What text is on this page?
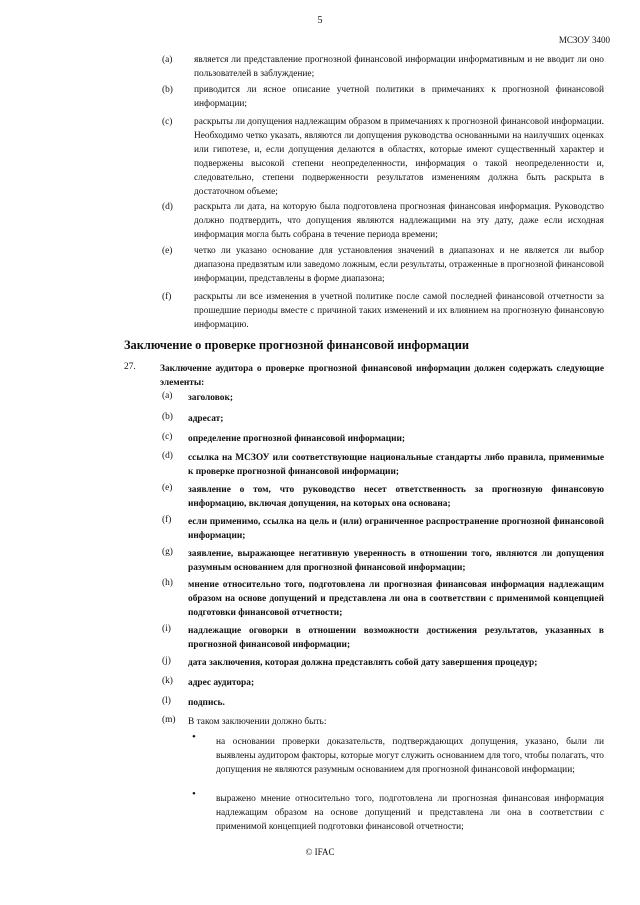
5
МСЗОУ 3400
(a)	является ли представление прогнозной финансовой информации информативным и не вводит ли оно пользователей в заблуждение;
(b)	приводится ли ясное описание учетной политики в примечаниях к прогнозной финансовой информации;
(c)	раскрыты ли допущения надлежащим образом в примечаниях к прогнозной финансовой информации. Необходимо четко указать, являются ли допущения руководства основанными на наилучших оценках или гипотезе, и, если допущения делаются в областях, которые имеют существенный характер и подвержены высокой степени неопределенности, информация о такой неопределенности и, следовательно, степени подверженности результатов изменениям должна быть раскрыта в достаточном объеме;
(d)	раскрыта ли дата, на которую была подготовлена прогнозная финансовая информация. Руководство должно подтвердить, что допущения являются надлежащими на эту дату, даже если исходная информация могла быть собрана в течение периода времени;
(e)	четко ли указано основание для установления значений в диапазонах и не является ли выбор диапазона предвзятым или заведомо ложным, если результаты, отраженные в прогнозной финансовой информации, представлены в форме диапазона;
(f)	раскрыты ли все изменения в учетной политике после самой последней финансовой отчетности за прошедшие периоды вместе с причиной таких изменений и их влиянием на прогнозную финансовую информацию.
Заключение о проверке прогнозной финансовой информации
27.	Заключение аудитора о проверке прогнозной финансовой информации должен содержать следующие элементы:
(a)	заголовок;
(b)	адресат;
(c)	определение прогнозной финансовой информации;
(d)	ссылка на МСЗОУ или соответствующие национальные стандарты либо правила, применимые к проверке прогнозной финансовой информации;
(e)	заявление о том, что руководство несет ответственность за прогнозную финансовую информацию, включая допущения, на которых она основана;
(f)	если применимо, ссылка на цель и (или) ограниченное распространение прогнозной финансовой информации;
(g)	заявление, выражающее негативную уверенность в отношении того, являются ли допущения разумным основанием для прогнозной финансовой информации;
(h)	мнение относительно того, подготовлена ли прогнозная финансовая информация надлежащим образом на основе допущений и представлена ли она в соответствии с применимой концепцией подготовки финансовой отчетности;
(i)	надлежащие оговорки в отношении возможности достижения результатов, указанных в прогнозной финансовой информации;
(j)	дата заключения, которая должна представлять собой дату завершения процедур;
(k)	адрес аудитора;
(l)	подпись.
(m)	В таком заключении должно быть:
• на основании проверки доказательств, подтверждающих допущения, указано, были ли выявлены аудитором факторы, которые могут служить основанием для того, чтобы полагать, что допущения не являются разумным основанием для прогнозной финансовой информации;
• выражено мнение относительно того, подготовлена ли прогнозная финансовая информация надлежащим образом на основе допущений и представлена ли она в соответствии с применимой концепцией подготовки финансовой отчетности;
© IFAC
